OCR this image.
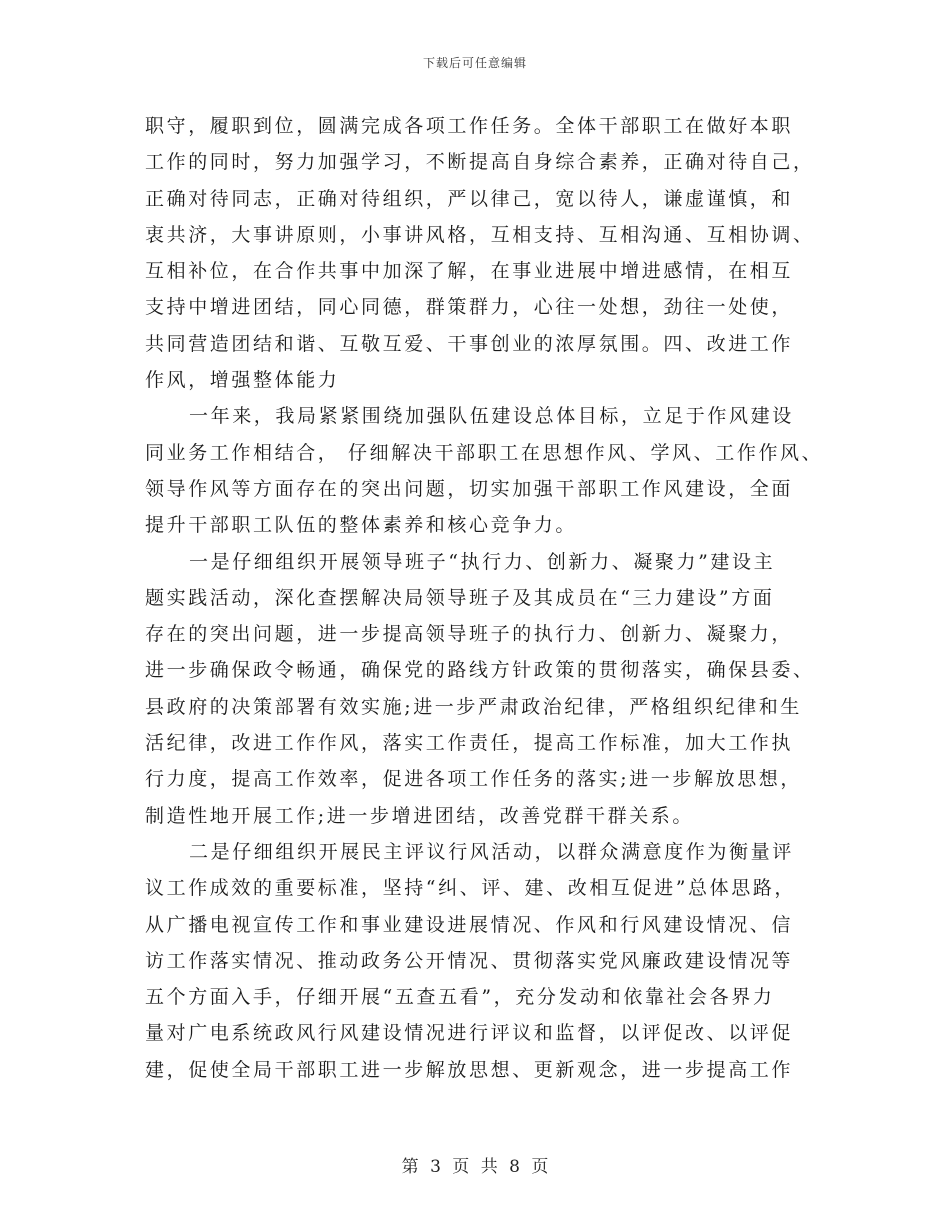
下载后可任意编辑
职守，履职到位，圆满完成各项工作任务。全体干部职工在做好本职
工作的同时，努力加强学习，不断提高自身综合素养，正确对待自己，
正确对待同志，正确对待组织，严以律己，宽以待人，谦虚谨慎，和
衷共济，大事讲原则，小事讲风格，互相支持、互相沟通、互相协调、
互相补位，在合作共事中加深了解，在事业进展中增进感情，在相互
支持中增进团结，同心同德，群策群力，心往一处想，劲往一处使，
共同营造团结和谐、互敬互爱、干事创业的浓厚氛围。四、改进工作
作风，增强整体能力
一年来，我局紧紧围绕加强队伍建设总体目标，立足于作风建设
同业务工作相结合， 仔细解决干部职工在思想作风、学风、工作作风、
领导作风等方面存在的突出问题，切实加强干部职工作风建设，全面
提升干部职工队伍的整体素养和核心竞争力。
一是仔细组织开展领导班子“执行力、创新力、凝聚力”建设主
题实践活动，深化查摆解决局领导班子及其成员在“三力建设”方面
存在的突出问题，进一步提高领导班子的执行力、创新力、凝聚力，
进一步确保政令畅通，确保党的路线方针政策的贯彻落实，确保县委、
县政府的决策部署有效实施;进一步严肃政治纪律，严格组织纪律和生
活纪律，改进工作作风，落实工作责任，提高工作标准，加大工作执
行力度，提高工作效率，促进各项工作任务的落实;进一步解放思想，
制造性地开展工作;进一步增进团结，改善党群干群关系。
二是仔细组织开展民主评议行风活动，以群众满意度作为衡量评
议工作成效的重要标准，坚持“纠、评、建、改相互促进”总体思路，
从广播电视宣传工作和事业建设进展情况、作风和行风建设情况、信
访工作落实情况、推动政务公开情况、贯彻落实党风廉政建设情况等
五个方面入手，仔细开展“五查五看”，充分发动和依靠社会各界力
量对广电系统政风行风建设情况进行评议和监督，以评促改、以评促
建，促使全局干部职工进一步解放思想、更新观念，进一步提高工作
第 3 页 共 8 页
